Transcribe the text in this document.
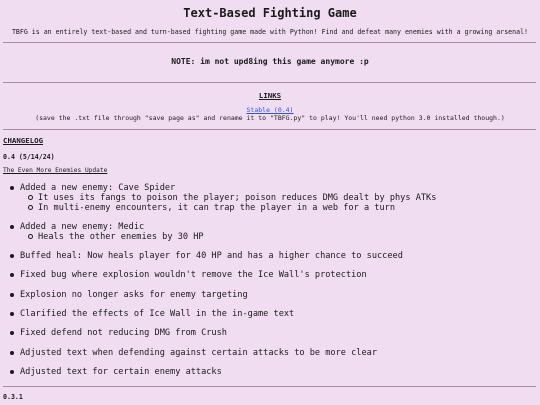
Text-Based Fighting Game
TBFG is an entirely text-based and turn-based fighting game made with Python! Find and defeat many enemies with a growing arsenal!
NOTE: im not upd8ing this game anymore :p
LINKS
Stable (0.4)
(save the .txt file through "save page as" and rename it to "TBFG.py" to play! You'll need python 3.0 installed though.)
CHANGELOG
0.4 (5/14/24)
The Even More Enemies Update
Added a new enemy: Cave Spider
It uses its fangs to poison the player; poison reduces DMG dealt by phys ATKs
In multi-enemy encounters, it can trap the player in a web for a turn
Added a new enemy: Medic
Heals the other enemies by 30 HP
Buffed heal: Now heals player for 40 HP and has a higher chance to succeed
Fixed bug where explosion wouldn't remove the Ice Wall's protection
Explosion no longer asks for enemy targeting
Clarified the effects of Ice Wall in the in-game text
Fixed defend not reducing DMG from Crush
Adjusted text when defending against certain attacks to be more clear
Adjusted text for certain enemy attacks
0.3.1
